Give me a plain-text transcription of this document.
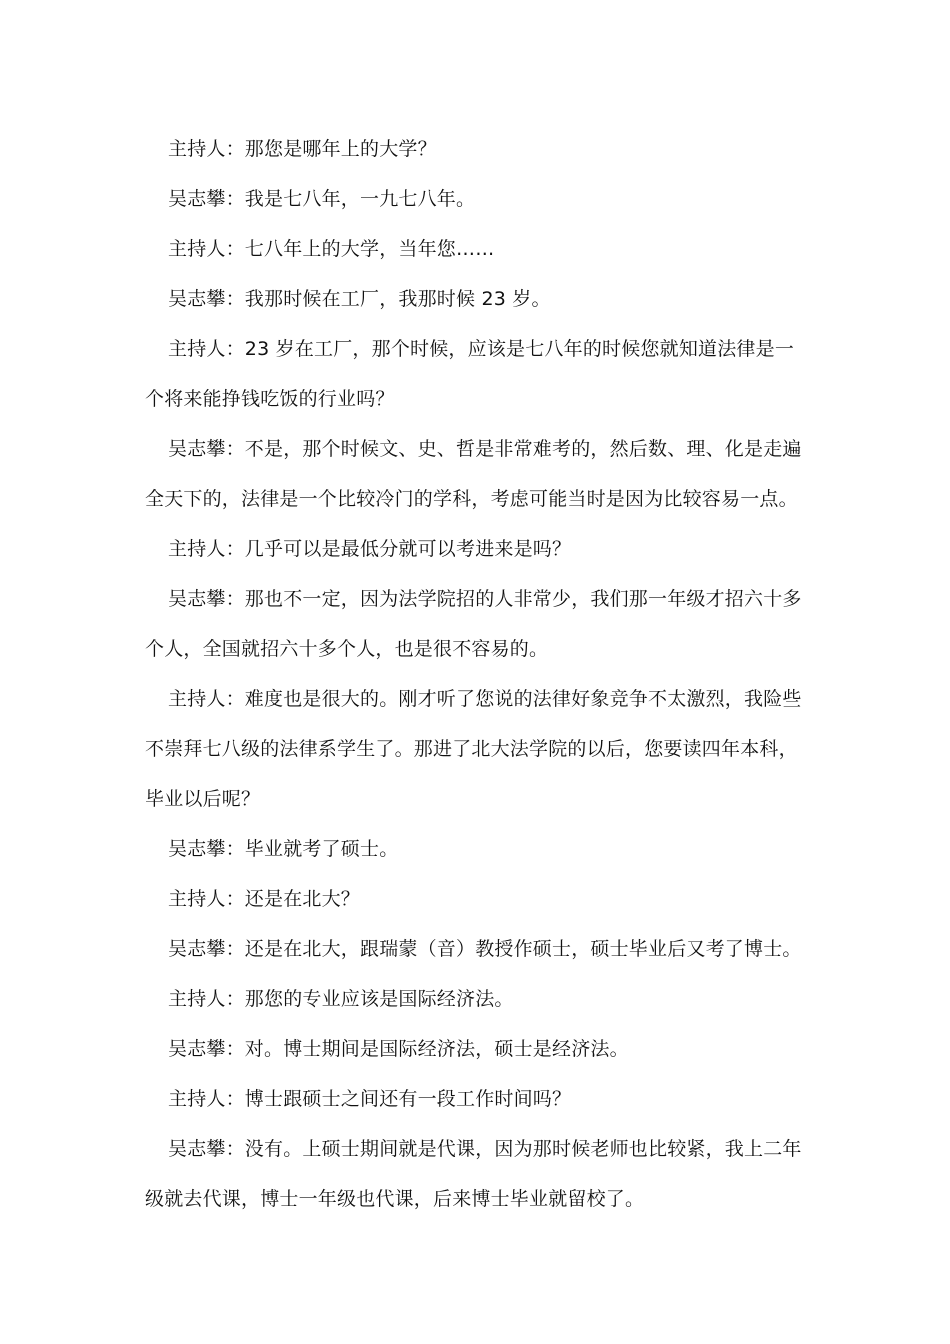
主持人：那您是哪年上的大学？

吴志攀：我是七八年，一九七八年。

主持人：七八年上的大学，当年您……

吴志攀：我那时候在工厂，我那时候 23 岁。

主持人：23 岁在工厂，那个时候，应该是七八年的时候您就知道法律是一个将来能挣钱吃饭的行业吗？

吴志攀：不是，那个时候文、史、哲是非常难考的，然后数、理、化是走遍全天下的，法律是一个比较冷门的学科，考虑可能当时是因为比较容易一点。

主持人：几乎可以是最低分就可以考进来是吗？

吴志攀：那也不一定，因为法学院招的人非常少，我们那一年级才招六十多个人，全国就招六十多个人，也是很不容易的。

主持人：难度也是很大的。刚才听了您说的法律好象竞争不太激烈，我险些不崇拜七八级的法律系学生了。那进了北大法学院的以后，您要读四年本科，毕业以后呢？

吴志攀：毕业就考了硕士。

主持人：还是在北大？

吴志攀：还是在北大，跟瑞蒙（音）教授作硕士，硕士毕业后又考了博士。

主持人：那您的专业应该是国际经济法。

吴志攀：对。博士期间是国际经济法，硕士是经济法。

主持人：博士跟硕士之间还有一段工作时间吗？

吴志攀：没有。上硕士期间就是代课，因为那时候老师也比较紧，我上二年级就去代课，博士一年级也代课，后来博士毕业就留校了。
